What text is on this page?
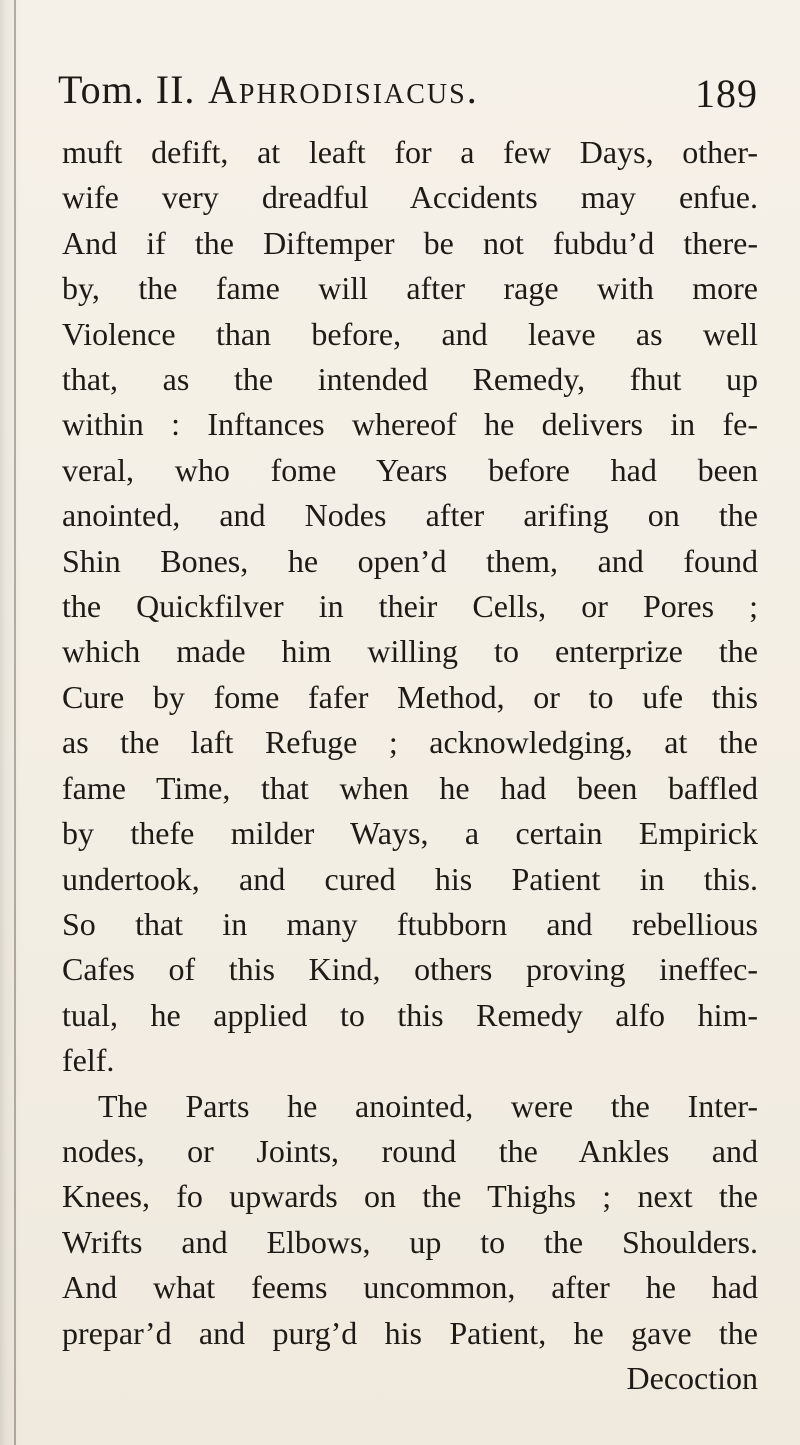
Tom. II. Aphrodisiacus.	189
muft defift, at leaft for a few Days, other-
wife very dreadful Accidents may enfue.
And if the Diftemper be not fubdu’d there-
by, the fame will after rage with more
Violence than before, and leave as well
that, as the intended Remedy, fhut up
within : Inftances whereof he delivers in fe-
veral, who fome Years before had been
anointed, and Nodes after arifing on the
Shin Bones, he open’d them, and found
the Quickfilver in their Cells, or Pores ;
which made him willing to enterprize the
Cure by fome fafer Method, or to ufe this
as the laft Refuge ; acknowledging, at the
fame Time, that when he had been baffled
by thefe milder Ways, a certain Empirick
undertook, and cured his Patient in this.
So that in many ftubborn and rebellious
Cafes of this Kind, others proving ineffec-
tual, he applied to this Remedy alfo him-
felf.
The Parts he anointed, were the Inter-
nodes, or Joints, round the Ankles and
Knees, fo upwards on the Thighs ; next the
Wrifts and Elbows, up to the Shoulders.
And what feems uncommon, after he had
prepar’d and purg’d his Patient, he gave the
Decoction
